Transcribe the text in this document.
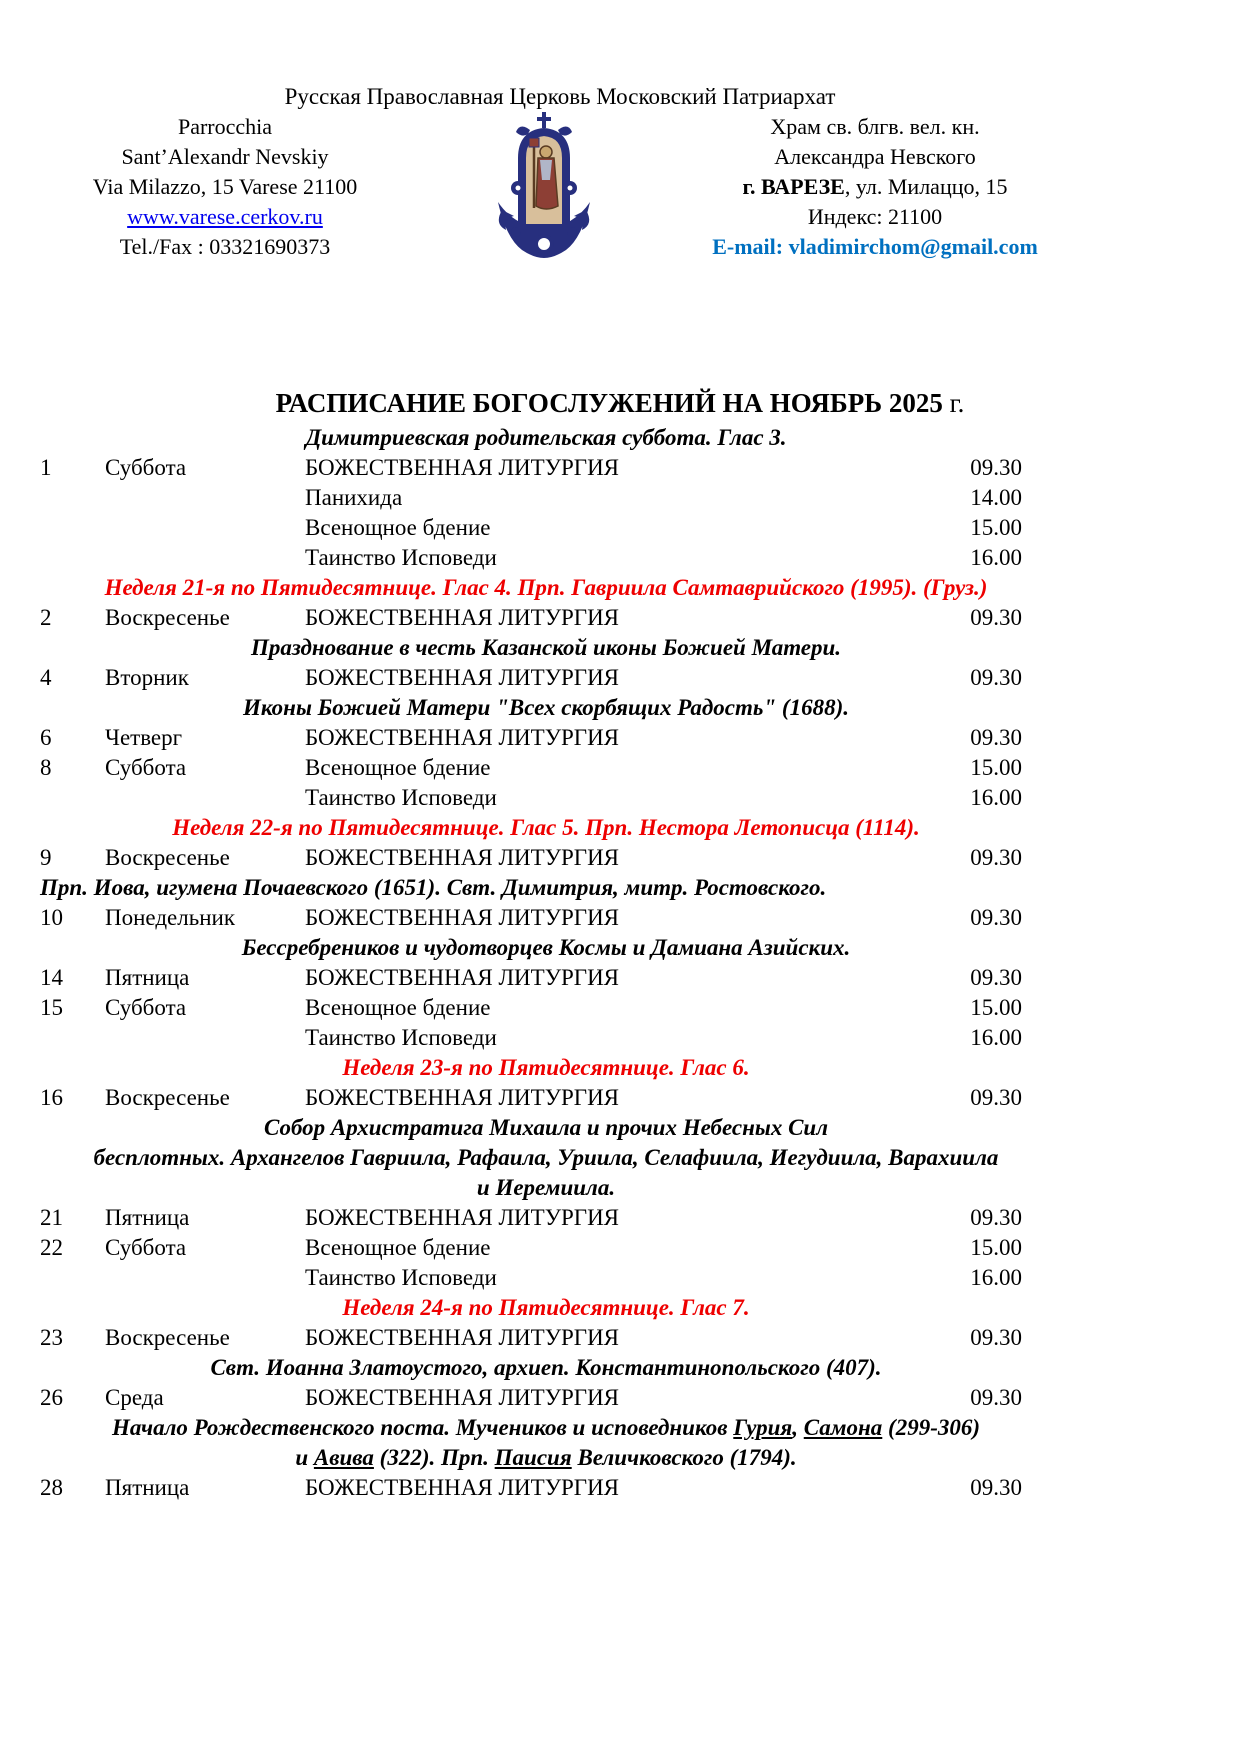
Русская Православная Церковь Московский Патриархат
Parrocchia
Sant’Alexandr Nevskiy
Via Milazzo, 15 Varese 21100
www.varese.cerkov.ru
Tel./Fax : 03321690373
Храм св. блгв. вел. кн.
Александра Невского
г. ВАРЕЗЕ, ул. Милаццо, 15
Индекс: 21100
E-mail: vladimirchom@gmail.com
РАСПИСАНИЕ БОГОСЛУЖЕНИЙ НА НОЯБРЬ 2025 г.
Димитриевская родительская суббота. Глас 3.
1	Суббота	БОЖЕСТВЕННАЯ ЛИТУРГИЯ	09.30
Панихида	14.00
Всенощное бдение	15.00
Таинство Исповеди	16.00
Неделя 21-я по Пятидесятнице. Глас 4. Прп. Гавриила Самтаврийского (1995). (Груз.)
2	Воскресенье	БОЖЕСТВЕННАЯ ЛИТУРГИЯ	09.30
Празднование в честь Казанской иконы Божией Матери.
4	Вторник	БОЖЕСТВЕННАЯ ЛИТУРГИЯ	09.30
Иконы Божией Матери "Всех скорбящих Радость" (1688).
6	Четверг	БОЖЕСТВЕННАЯ ЛИТУРГИЯ	09.30
8	Суббота	Всенощное бдение	15.00
Таинство Исповеди	16.00
Неделя 22-я по Пятидесятнице. Глас 5. Прп. Нестора Летописца (1114).
9	Воскресенье	БОЖЕСТВЕННАЯ ЛИТУРГИЯ	09.30
Прп. Иова, игумена Почаевского (1651). Свт. Димитрия, митр. Ростовского.
10	Понедельник	БОЖЕСТВЕННАЯ ЛИТУРГИЯ	09.30
Бессребреников и чудотворцев Космы и Дамиана Азийских.
14	Пятница	БОЖЕСТВЕННАЯ ЛИТУРГИЯ	09.30
15	Суббота	Всенощное бдение	15.00
Таинство Исповеди	16.00
Неделя 23-я по Пятидесятнице. Глас 6.
16	Воскресенье	БОЖЕСТВЕННАЯ ЛИТУРГИЯ	09.30
Собор Архистратига Михаила и прочих Небесных Сил
бесплотных. Архангелов Гавриила, Рафаила, Уриила, Селафиила, Иегудиила, Варахиила
и Иеремиила.
21	Пятница	БОЖЕСТВЕННАЯ ЛИТУРГИЯ	09.30
22	Суббота	Всенощное бдение	15.00
Таинство Исповеди	16.00
Неделя 24-я по Пятидесятнице. Глас 7.
23	Воскресенье	БОЖЕСТВЕННАЯ ЛИТУРГИЯ	09.30
Свт. Иоанна Златоустого, архиеп. Константинопольского (407).
26	Среда	БОЖЕСТВЕННАЯ ЛИТУРГИЯ	09.30
Начало Рождественского поста. Мучеников и исповедников Гурия, Самона (299-306)
и Авива (322). Прп. Паисия Величковского (1794).
28	Пятница	БОЖЕСТВЕННАЯ ЛИТУРГИЯ	09.30
